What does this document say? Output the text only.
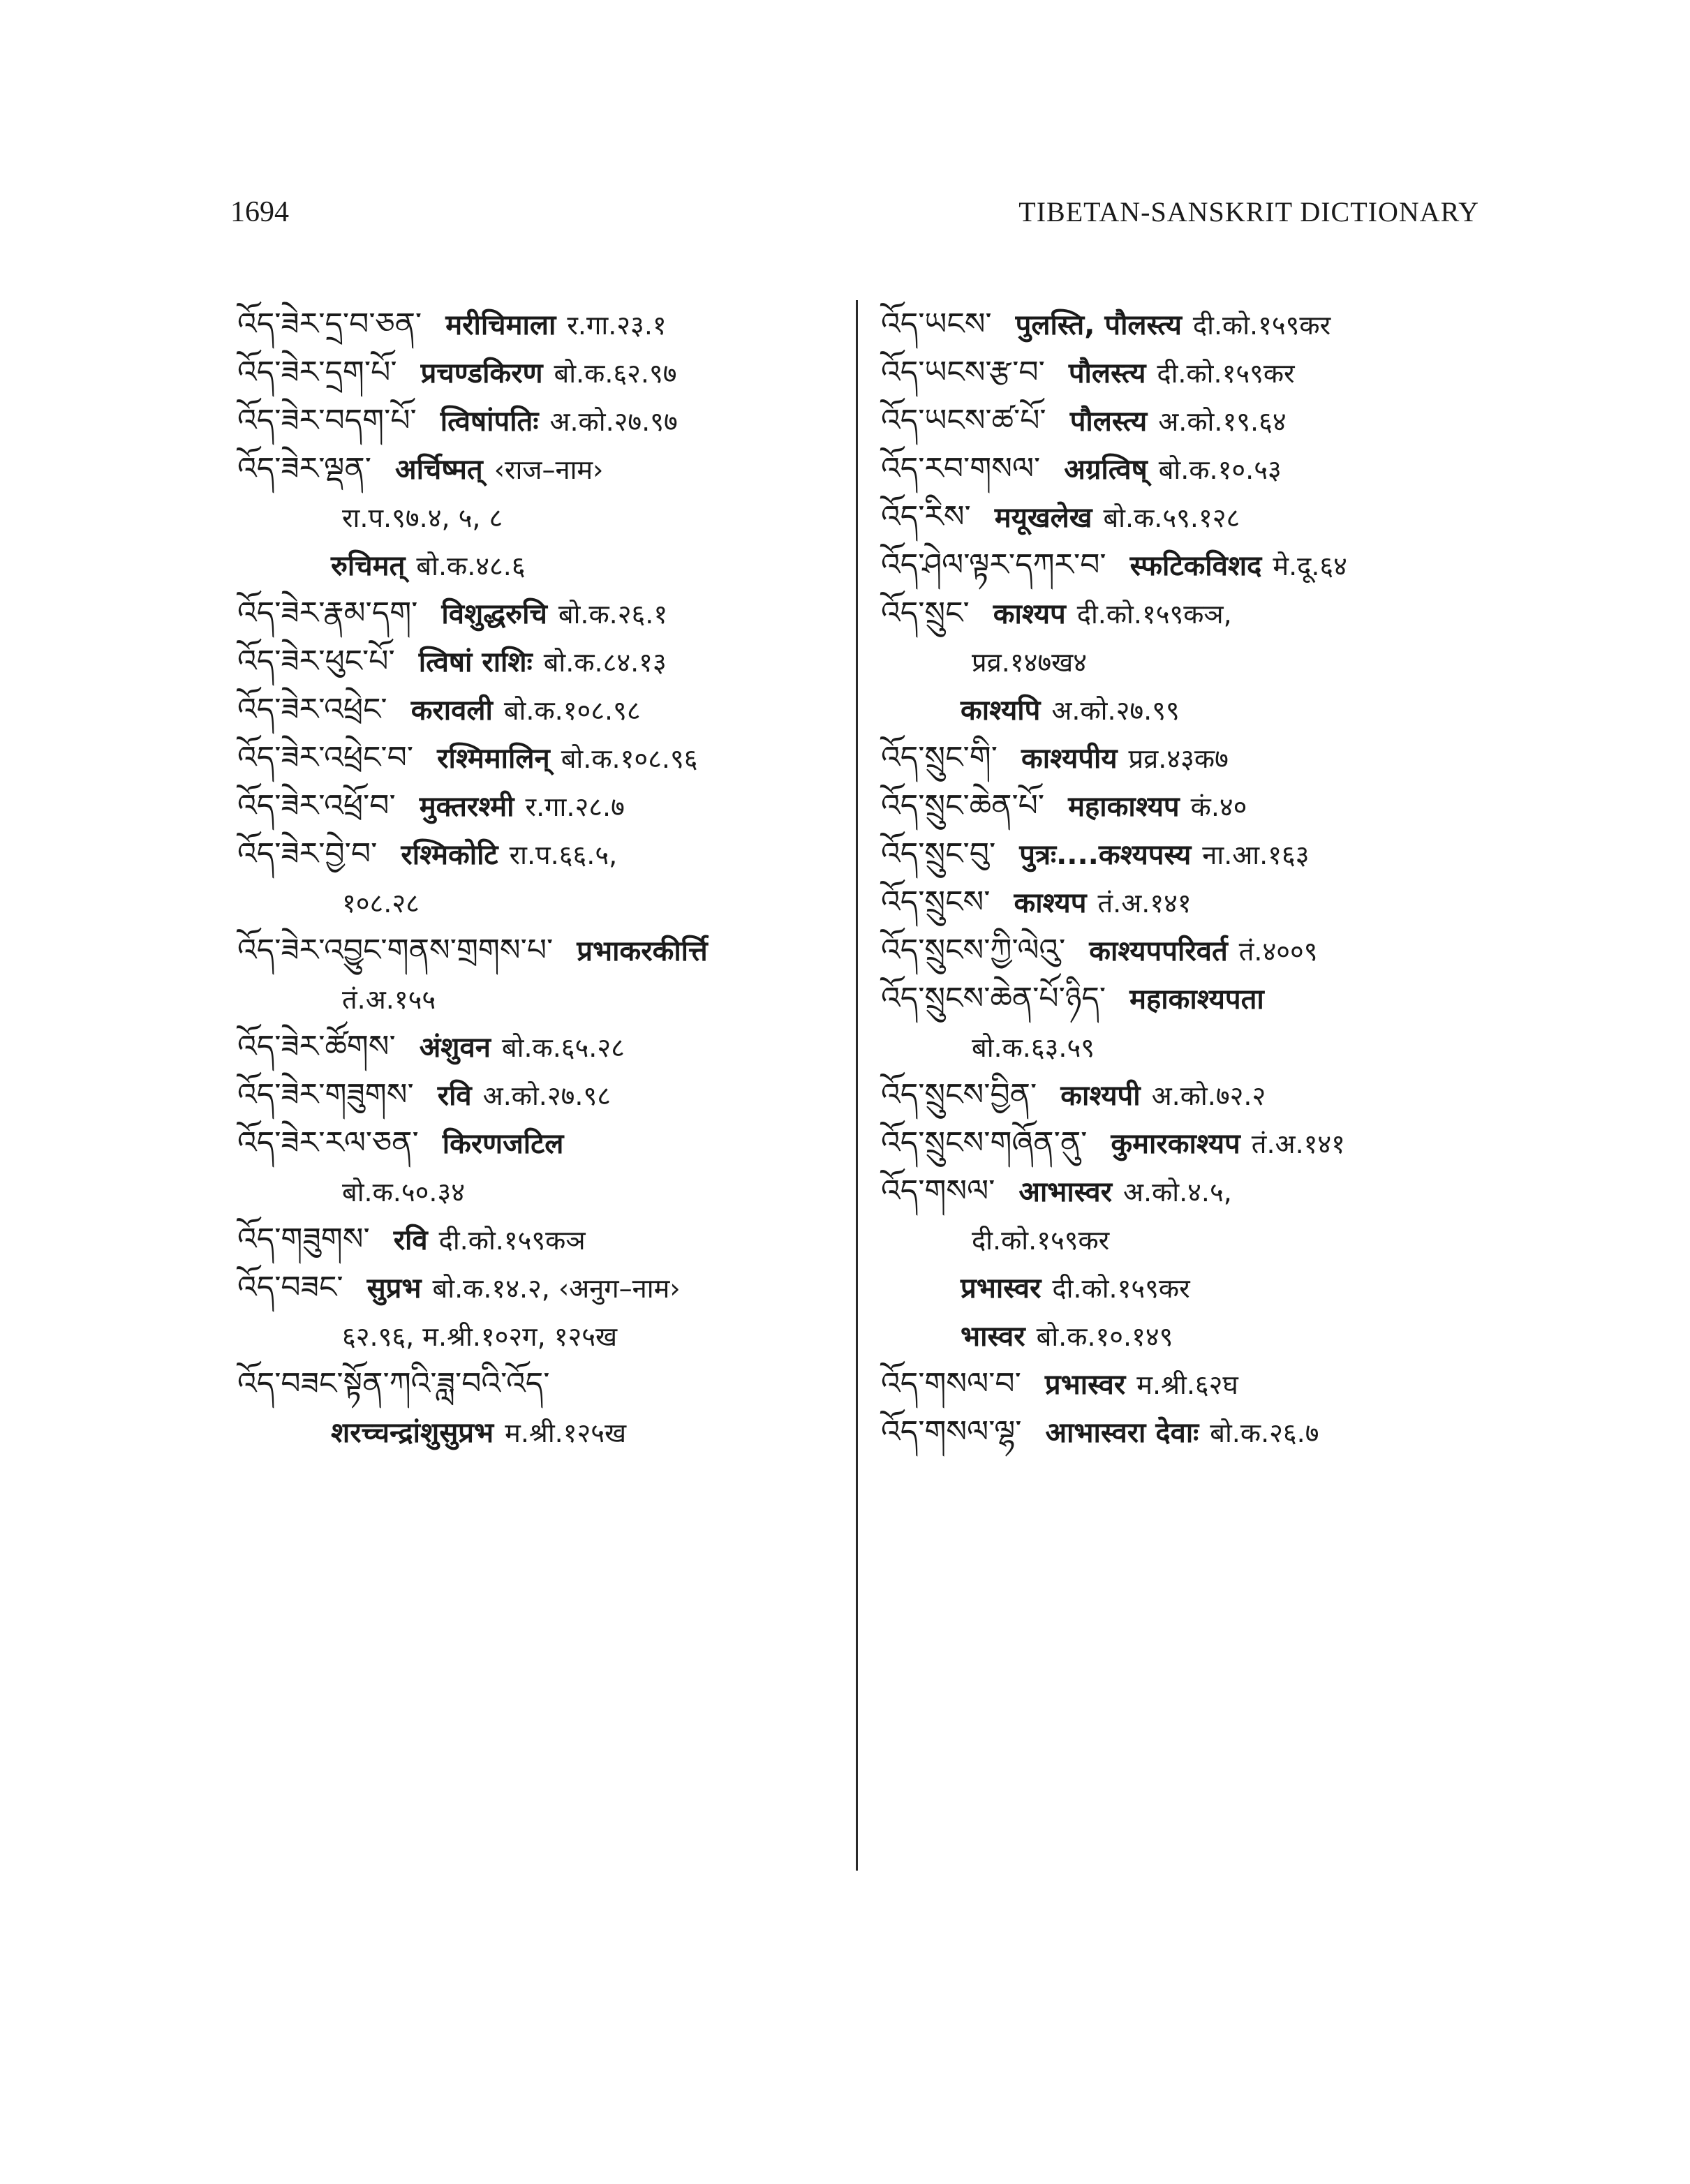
1694	TIBETAN-SANSKRIT DICTIONARY
འོད་ཟེར་དྲ་བ་ཅན་ मरीचिमाला र.गा.२३.१
འོད་ཟེར་དྲག་པོ་ प्रचण्डकिरण बो.क.६२.९७
འོད་ཟེར་བདག་པོ་ त्विषांपतिः अ.को.२७.९७
འོད་ཟེར་ལྡན་ अर्चिष्मत् ‹राज–नाम›
रा.प.९७.४, ५, ८
रुचिमत् बो.क.४८.६
འོད་ཟེར་རྣམ་དག་ विशुद्धरुचि बो.क.२६.१
འོད་ཟེར་ཕུང་པོ་ त्विषां राशिः बो.क.८४.१३
འོད་ཟེར་འཕྲེང་ करावली बो.क.१०८.९८
འོད་ཟེར་འཕྲེང་བ་ रश्मिमालिन् बो.क.१०८.९६
འོད་ཟེར་འཕྲོ་བ་ मुक्तरश्मी र.गा.२८.७
འོད་ཟེར་བྱེ་བ་ रश्मिकोटि रा.प.६६.५,
१०८.२८
འོད་ཟེར་འབྱུང་གནས་གྲགས་པ་ प्रभाकरकीर्त्ति
तं.अ.१५५
འོད་ཟེར་ཚོགས་ अंशुवन बो.क.६५.२८
འོད་ཟེར་གཟུགས་ रवि अ.को.२७.९८
འོད་ཟེར་རལ་ཅན་ किरणजटिल
बो.क.५०.३४
འོད་གཟུགས་ रवि दी.को.१५९कञ
འོད་བཟང་ सुप्रभ बो.क.१४.२, ‹अनुग–नाम›
६२.९६, म.श्री.१०२ग, १२५ख
འོད་བཟང་སྟོན་ཀའི་ཟླ་བའི་འོད་
शरच्चन्द्रांशुसुप्रभ म.श्री.१२५ख
འོད་ཡངས་ पुलस्ति, पौलस्त्य दी.को.१५९कर
འོད་ཡངས་རྩ་བ་ पौलस्त्य दी.को.१५९कर
འོད་ཡངས་ཚ་པོ་ पौलस्त्य अ.को.१९.६४
འོད་རབ་གསལ་ अग्रत्विष् बो.क.१०.५३
འོད་རིས་ मयूखलेख बो.क.५९.१२८
འོད་ཤེལ་ལྟར་དཀར་བ་ स्फटिकविशद मे.दू.६४
འོད་སྲུང་ काश्यप दी.को.१५९कञ,
प्रव्र.१४७ख४
काश्यपि अ.को.२७.९९
འོད་སྲུང་གི་ काश्यपीय प्रव्र.४३क७
འོད་སྲུང་ཆེན་པོ་ महाकाश्यप कं.४०
འོད་སྲུང་བུ་ पुत्रः....कश्यपस्य ना.आ.१६३
འོད་སྲུངས་ काश्यप तं.अ.१४१
འོད་སྲུངས་ཀྱི་ལེའུ་ काश्यपपरिवर्त तं.४००९
འོད་སྲུངས་ཆེན་པོ་ཉིད་ महाकाश्यपता
बो.क.६३.५९
འོད་སྲུངས་བྱིན་ काश्यपी अ.को.७२.२
འོད་སྲུངས་གཞོན་ནུ་ कुमारकाश्यप तं.अ.१४१
འོད་གསལ་ आभास्वर अ.को.४.५,
दी.को.१५९कर
प्रभास्वर दी.को.१५९कर
भास्वर बो.क.१०.१४९
འོད་གསལ་བ་ प्रभास्वर म.श्री.६२घ
འོད་གསལ་ལྷ་ आभास्वरा देवाः बो.क.२६.७
